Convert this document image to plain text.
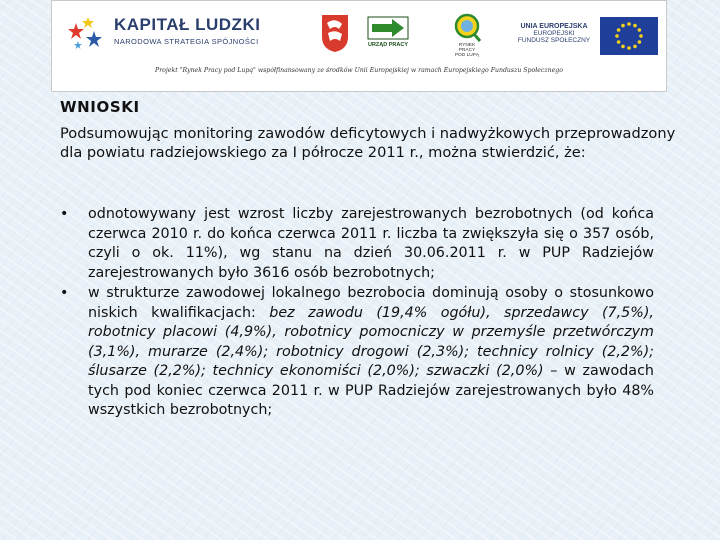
KAPITAŁ LUDZKI
NARODOWA STRATEGIA SPÓJNOŚCI	URZĄD PRACY	RYNEK
PRACY
POD LUPĄ
UNIA EUROPEJSKA
EUROPEJSKI
FUNDUSZ SPOŁECZNY
Projekt "Rynek Pracy pod Lupą" współfinansowany ze środków Unii Europejskiej w ramach Europejskiego Funduszu Społecznego
WNIOSKI
Podsumowując monitoring zawodów deficytowych i nadwyżkowych przeprowadzony dla powiatu radziejowskiego za I półrocze 2011 r., można stwierdzić, że:
• odnotowywany jest wzrost liczby zarejestrowanych bezrobotnych (od końca czerwca 2010 r. do końca czerwca 2011 r. liczba ta zwiększyła się o 357 osób, czyli o ok. 11%), wg stanu na dzień 30.06.2011 r. w PUP Radziejów zarejestrowanych było 3616 osób bezrobotnych;
• w strukturze zawodowej lokalnego bezrobocia dominują osoby o stosunkowo niskich kwalifikacjach: bez zawodu (19,4% ogółu), sprzedawcy (7,5%), robotnicy placowi (4,9%), robotnicy pomocniczy w przemyśle przetwórczym (3,1%), murarze (2,4%); robotnicy drogowi (2,3%); technicy rolnicy (2,2%); ślusarze (2,2%); technicy ekonomiści (2,0%); szwaczki (2,0%) – w zawodach tych pod koniec czerwca 2011 r. w PUP Radziejów zarejestrowanych było 48% wszystkich bezrobotnych;
